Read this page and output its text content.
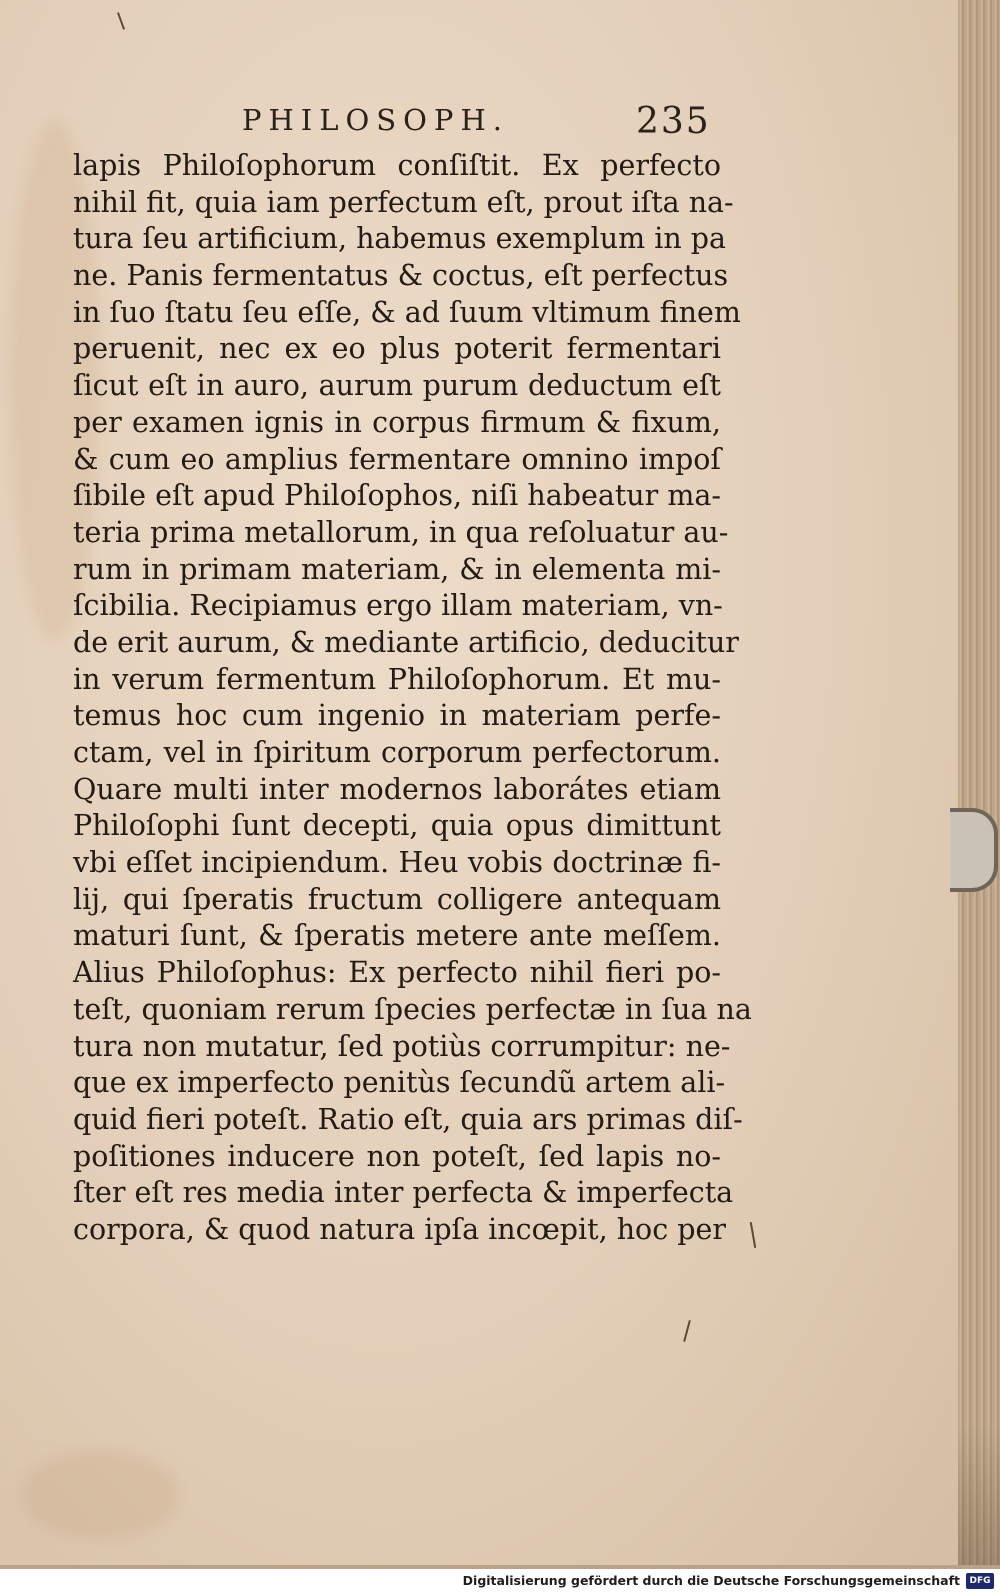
PHILOSOPH.	235
lapis Philoſophorum conſiſtit. Ex perfecto
nihil fit, quia iam perfectum eſt, prout iſta na-
tura ſeu artificium, habemus exemplum in pa
ne. Panis fermentatus & coctus, eſt perfectus
in ſuo ſtatu ſeu eſſe, & ad ſuum vltimum finem
peruenit, nec ex eo plus poterit fermentari
ſicut eſt in auro, aurum purum deductum eſt
per examen ignis in corpus firmum & fixum,
& cum eo amplius fermentare omnino impoſ
ſibile eſt apud Philoſophos, niſi habeatur ma-
teria prima metallorum, in qua reſoluatur au-
rum in primam materiam, & in elementa mi-
ſcibilia. Recipiamus ergo illam materiam, vn-
de erit aurum, & mediante artificio, deducitur
in verum fermentum Philoſophorum. Et mu-
temus hoc cum ingenio in materiam perfe-
ctam, vel in ſpiritum corporum perfectorum.
Quare multi inter modernos laborátes etiam
Philoſophi ſunt decepti, quia opus dimittunt
vbi eſſet incipiendum. Heu vobis doctrinæ fi-
lij, qui ſperatis fructum colligere antequam
maturi ſunt, & ſperatis metere ante meſſem.
Alius Philoſophus: Ex perfecto nihil fieri po-
teſt, quoniam rerum ſpecies perfectæ in ſua na
tura non mutatur, ſed potiùs corrumpitur: ne-
que ex imperfecto penitùs ſecundũ artem ali-
quid fieri poteſt. Ratio eſt, quia ars primas diſ-
poſitiones inducere non poteſt, ſed lapis no-
ſter eſt res media inter perfecta & imperfecta
corpora, & quod natura ipſa incœpit, hoc per
Digitalisierung gefördert durch die Deutsche Forschungsgemeinschaft	DFG
